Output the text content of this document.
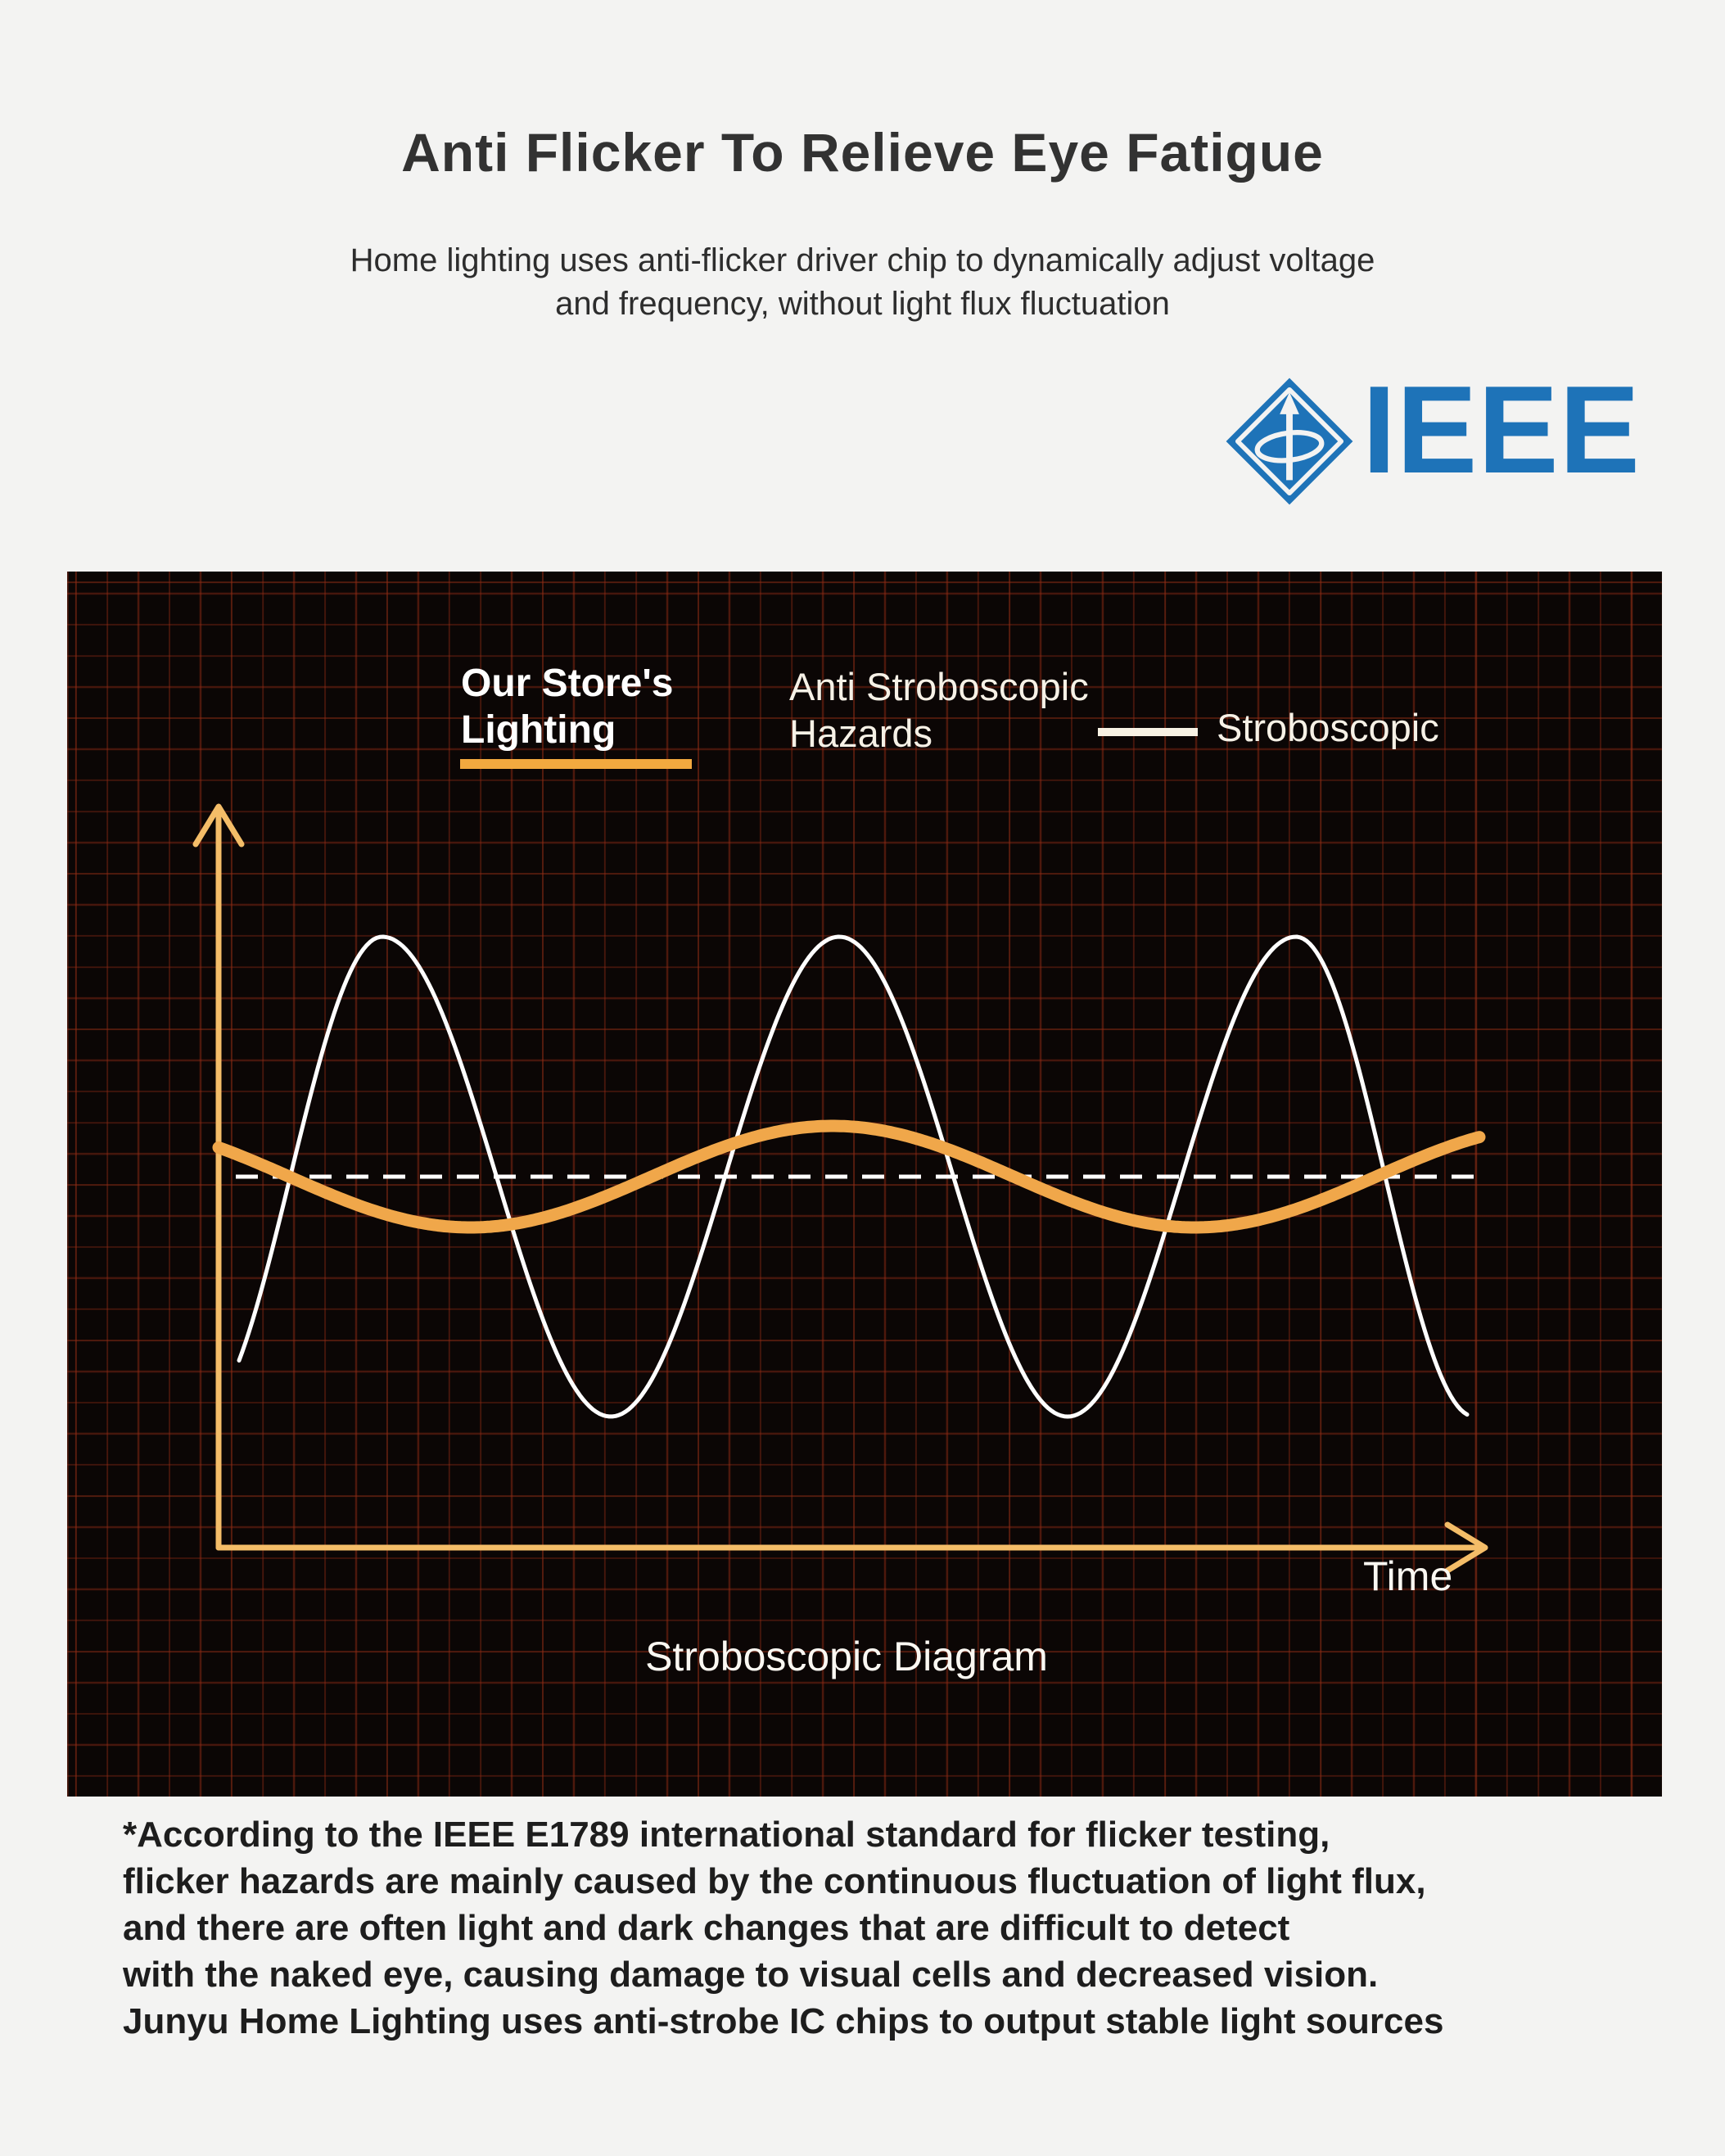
Anti Flicker To Relieve Eye Fatigue
Home lighting uses anti-flicker driver chip to dynamically adjust voltage
and frequency, without light flux fluctuation
R IEEE
Our Store's
Lighting
Anti Stroboscopic
Hazards	Stroboscopic
Stroboscopic Diagram
Time
*According to the IEEE E1789 international standard for flicker testing,
flicker hazards are mainly caused by the continuous fluctuation of light flux,
and there are often light and dark changes that are difficult to detect
with the naked eye, causing damage to visual cells and decreased vision.
Junyu Home Lighting uses anti-strobe IC chips to output stable light sources
